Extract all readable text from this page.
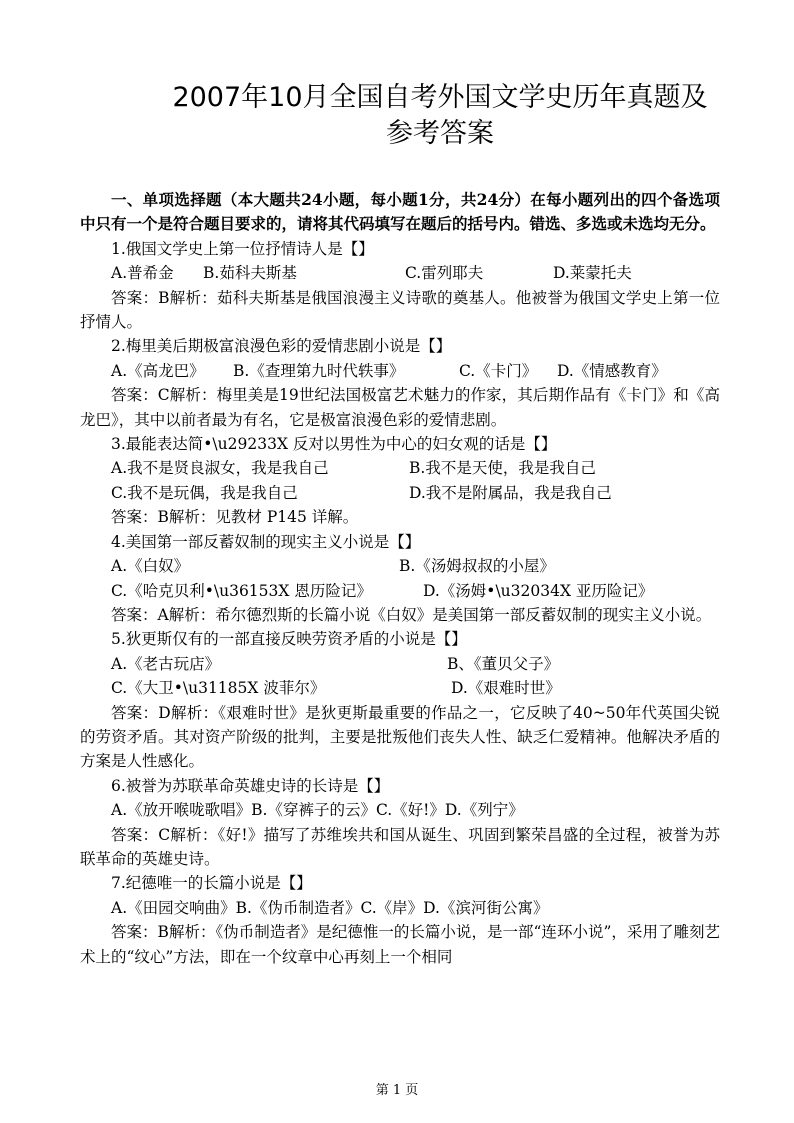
2007年10月全国自考外国文学史历年真题及
参考答案

一、单项选择题（本大题共24小题，每小题1分，共24分）在每小题列出的四个备选项中只有一个是符合题目要求的，请将其代码填写在题后的括号内。错选、多选或未选均无分。

1.俄国文学史上第一位抒情诗人是【】

A.普希金 B.茹科夫斯基	C.雷列耶夫	D.莱蒙托夫

答案：B解析：茹科夫斯基是俄国浪漫主义诗歌的奠基人。他被誉为俄国文学史上第一位抒情人。

2.梅里美后期极富浪漫色彩的爱情悲剧小说是【】

A.《高龙巴》 B.《查理第九时代轶事》	C.《卡门》 D.《情感教育》

答案：C解析：梅里美是19世纪法国极富艺术魅力的作家，其后期作品有《卡门》和《高龙巴》，其中以前者最为有名，它是极富浪漫色彩的爱情悲剧。

3.最能表达简•\u29233X 反对以男性为中心的妇女观的话是【】

A.我不是贤良淑女，我是我自己	B.我不是天使，我是我自己
C.我不是玩偶，我是我自己	D.我不是附属品，我是我自己

答案：B解析：见教材 P145 详解。

4.美国第一部反蓄奴制的现实主义小说是【】

A.《白奴》	B.《汤姆叔叔的小屋》
C.《哈克贝利•\u36153X 恩历险记》	D.《汤姆•\u32034X 亚历险记》

答案：A解析：希尔德烈斯的长篇小说《白奴》是美国第一部反蓄奴制的现实主义小说。

5.狄更斯仅有的一部直接反映劳资矛盾的小说是【】

A.《老古玩店》	B、《董贝父子》
C.《大卫•\u31185X 波菲尔》	D.《艰难时世》

答案：D解析：《艰难时世》是狄更斯最重要的作品之一，它反映了40~50年代英国尖锐的劳资矛盾。其对资产阶级的批判，主要是批叛他们丧失人性、缺乏仁爱精神。他解决矛盾的方案是人性感化。

6.被誉为苏联革命英雄史诗的长诗是【】

A.《放开喉咙歌唱》B.《穿裤子的云》C.《好!》D.《列宁》

答案：C解析：《好!》描写了苏维埃共和国从诞生、巩固到繁荣昌盛的全过程，被誉为苏联革命的英雄史诗。

7.纪德唯一的长篇小说是【】

A.《田园交响曲》B.《伪币制造者》C.《岸》D.《滨河街公寓》

答案：B解析：《伪币制造者》是纪德惟一的长篇小说，是一部“连环小说”，采用了雕刻艺术上的“纹心”方法，即在一个纹章中心再刻上一个相同

第 1 页
